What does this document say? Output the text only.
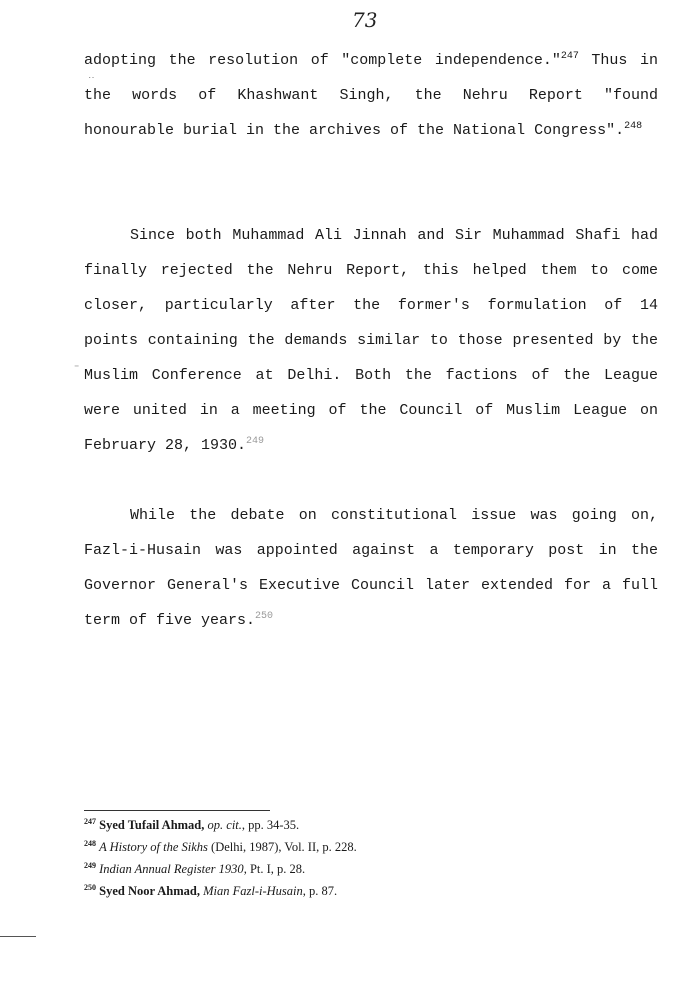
73

adopting the resolution of "complete independence."$^{247}$ Thus in the words of Khashwant Singh, the Nehru Report "found honourable burial in the archives of the National Congress".$^{248}$

Since both Muhammad Ali Jinnah and Sir Muhammad Shafi had finally rejected the Nehru Report, this helped them to come closer, particularly after the former's formulation of 14 points containing the demands similar to those presented by the Muslim Conference at Delhi. Both the factions of the League were united in a meeting of the Council of Muslim League on February 28, 1930.$^{249}$

While the debate on constitutional issue was going on, Fazl-i-Husain was appointed against a temporary post in the Governor General's Executive Council later extended for a full term of five years.$^{250}$

‥
⁻
$^{247}$ Syed Tufail Ahmad, op. cit., pp. 34-35.
$^{248}$ A History of the Sikhs (Delhi, 1987), Vol. II, p. 228.
$^{249}$ Indian Annual Register 1930, Pt. I, p. 28.
$^{250}$ Syed Noor Ahmad, Mian Fazl-i-Husain, p. 87.
